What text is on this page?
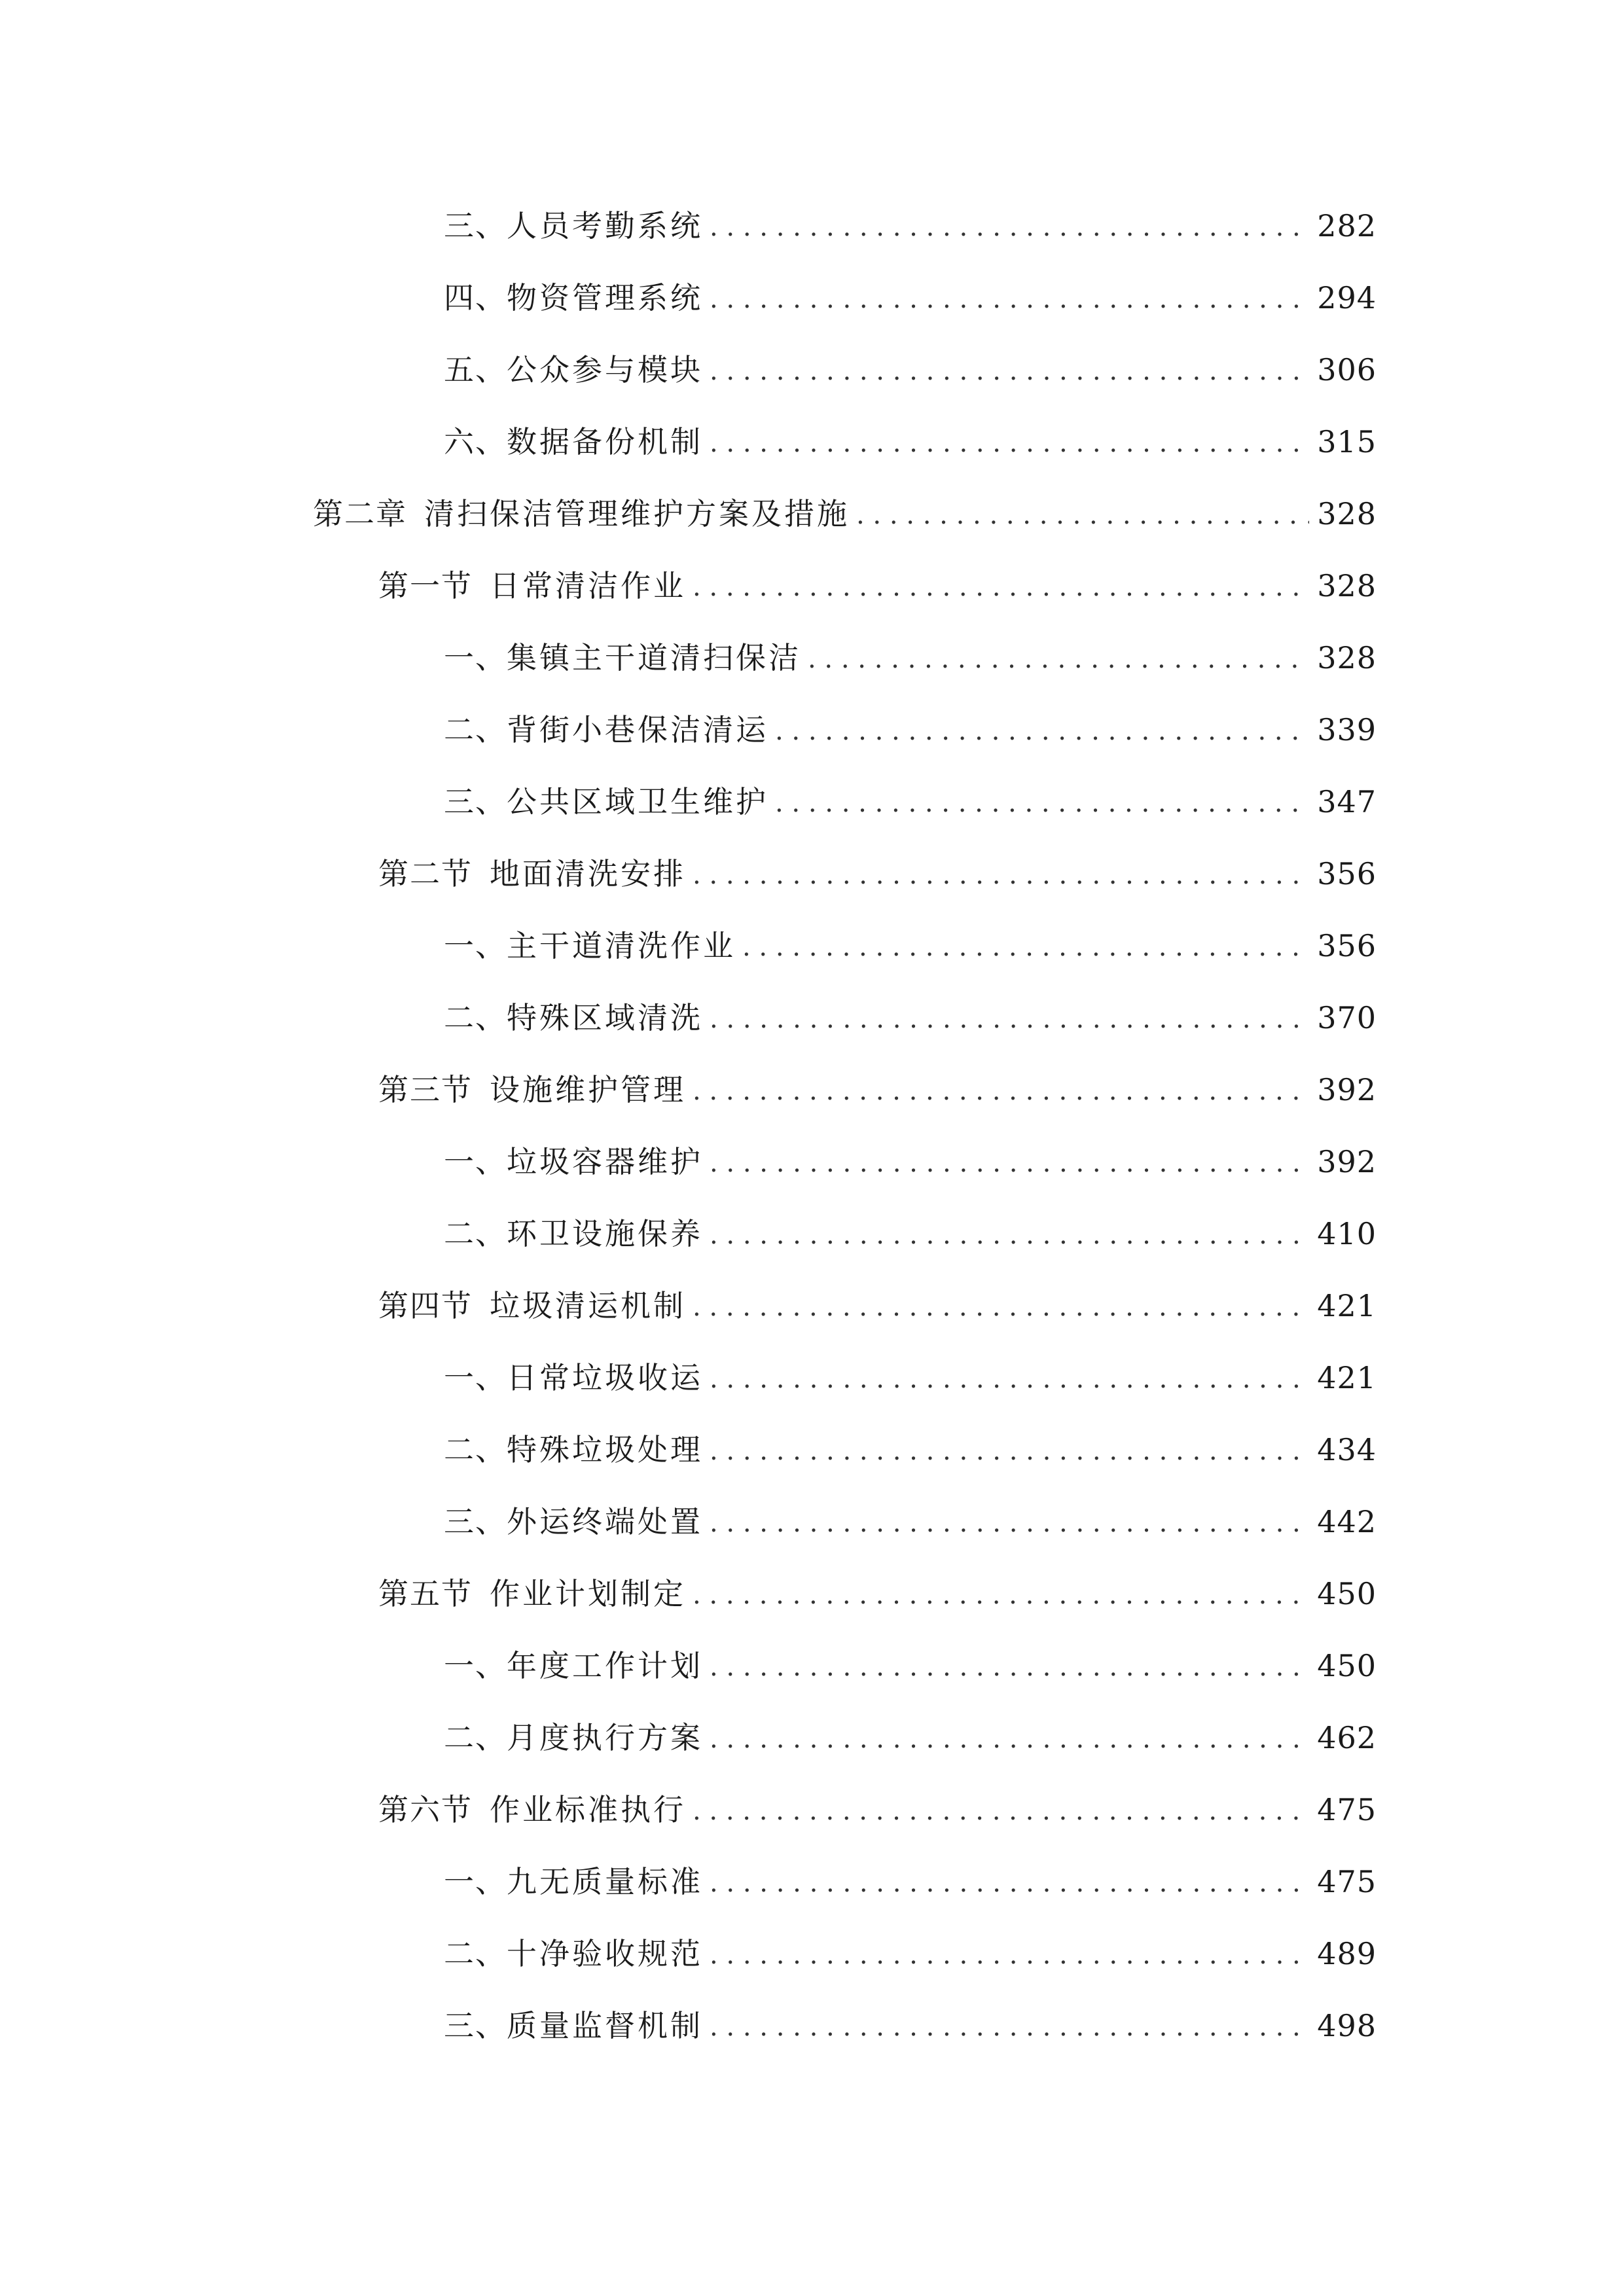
三、 人员考勤系统 . . .	282
四、 物资管理系统 . . .	294
五、 公众参与模块 . . .	306
六、 数据备份机制 . . .	315
第二章 清扫保洁管理维护方案及措施 . . .	328
第一节 日常清洁作业 . . .	328
一、 集镇主干道清扫保洁 . . .	328
二、 背街小巷保洁清运 . . .	339
三、 公共区域卫生维护 . . .	347
第二节 地面清洗安排 . . .	356
一、 主干道清洗作业 . . .	356
二、 特殊区域清洗 . . .	370
第三节 设施维护管理 . . .	392
一、 垃圾容器维护 . . .	392
二、 环卫设施保养 . . .	410
第四节 垃圾清运机制 . . .	421
一、 日常垃圾收运 . . .	421
二、 特殊垃圾处理 . . .	434
三、 外运终端处置 . . .	442
第五节 作业计划制定 . . .	450
一、 年度工作计划 . . .	450
二、 月度执行方案 . . .	462
第六节 作业标准执行 . . .	475
一、 九无质量标准 . . .	475
二、 十净验收规范 . . .	489
三、 质量监督机制 . . .	498
